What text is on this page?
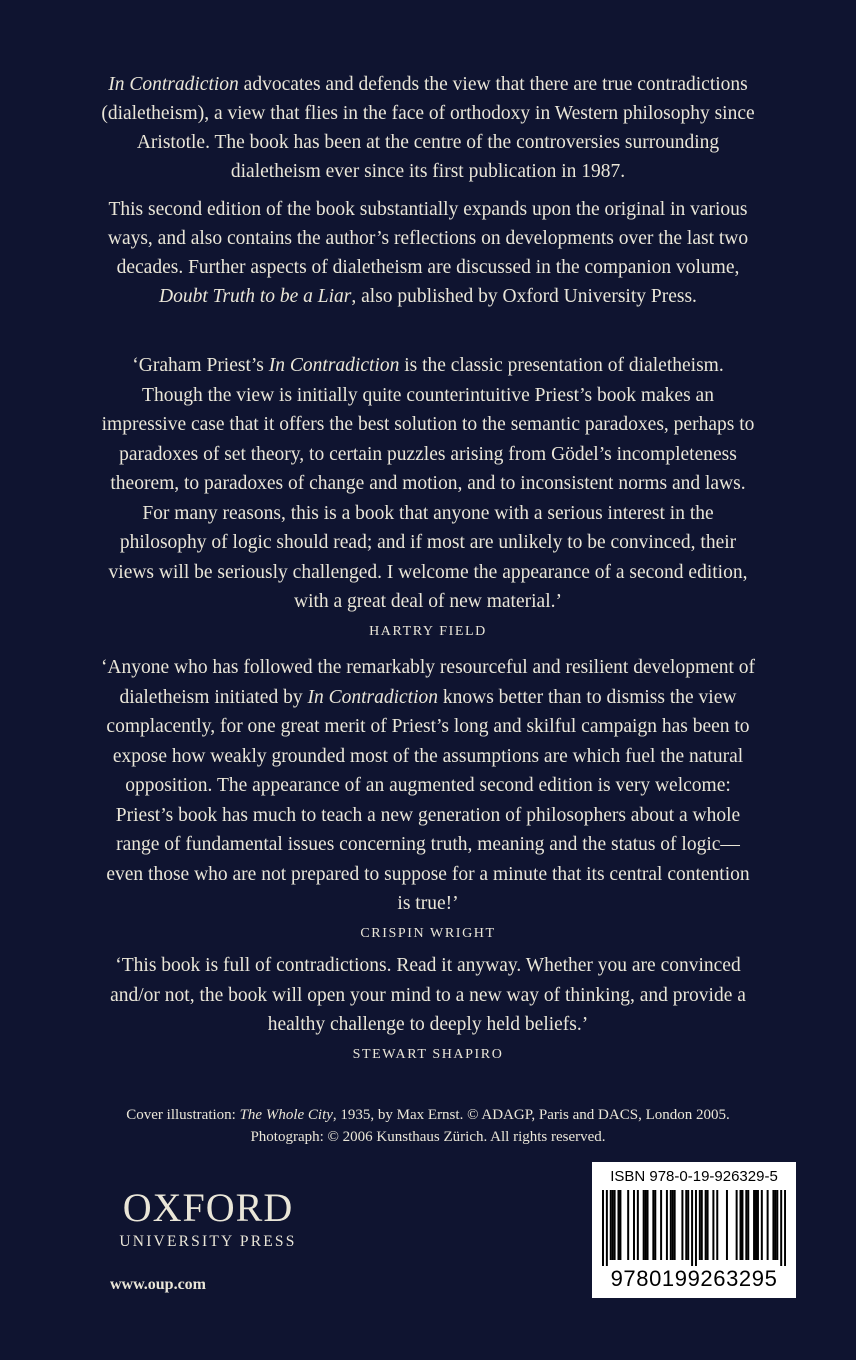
In Contradiction advocates and defends the view that there are true contradictions (dialetheism), a view that flies in the face of orthodoxy in Western philosophy since Aristotle. The book has been at the centre of the controversies surrounding dialetheism ever since its first publication in 1987.

This second edition of the book substantially expands upon the original in various ways, and also contains the author’s reflections on developments over the last two decades. Further aspects of dialetheism are discussed in the companion volume, Doubt Truth to be a Liar, also published by Oxford University Press.

‘Graham Priest’s In Contradiction is the classic presentation of dialetheism. Though the view is initially quite counterintuitive Priest’s book makes an impressive case that it offers the best solution to the semantic paradoxes, perhaps to paradoxes of set theory, to certain puzzles arising from Gödel’s incompleteness theorem, to paradoxes of change and motion, and to inconsistent norms and laws. For many reasons, this is a book that anyone with a serious interest in the philosophy of logic should read; and if most are unlikely to be convinced, their views will be seriously challenged. I welcome the appearance of a second edition, with a great deal of new material.’
HARTRY FIELD
‘Anyone who has followed the remarkably resourceful and resilient development of dialetheism initiated by In Contradiction knows better than to dismiss the view complacently, for one great merit of Priest’s long and skilful campaign has been to expose how weakly grounded most of the assumptions are which fuel the natural opposition. The appearance of an augmented second edition is very welcome: Priest’s book has much to teach a new generation of philosophers about a whole range of fundamental issues concerning truth, meaning and the status of logic—even those who are not prepared to suppose for a minute that its central contention is true!’
CRISPIN WRIGHT
‘This book is full of contradictions. Read it anyway. Whether you are convinced and/or not, the book will open your mind to a new way of thinking, and provide a healthy challenge to deeply held beliefs.’
STEWART SHAPIRO

Cover illustration: The Whole City, 1935, by Max Ernst. © ADAGP, Paris and DACS, London 2005.
Photograph: © 2006 Kunsthaus Zürich. All rights reserved.

OXFORD
UNIVERSITY PRESS

www.oup.com

ISBN 978-0-19-926329-5

9780199263295
